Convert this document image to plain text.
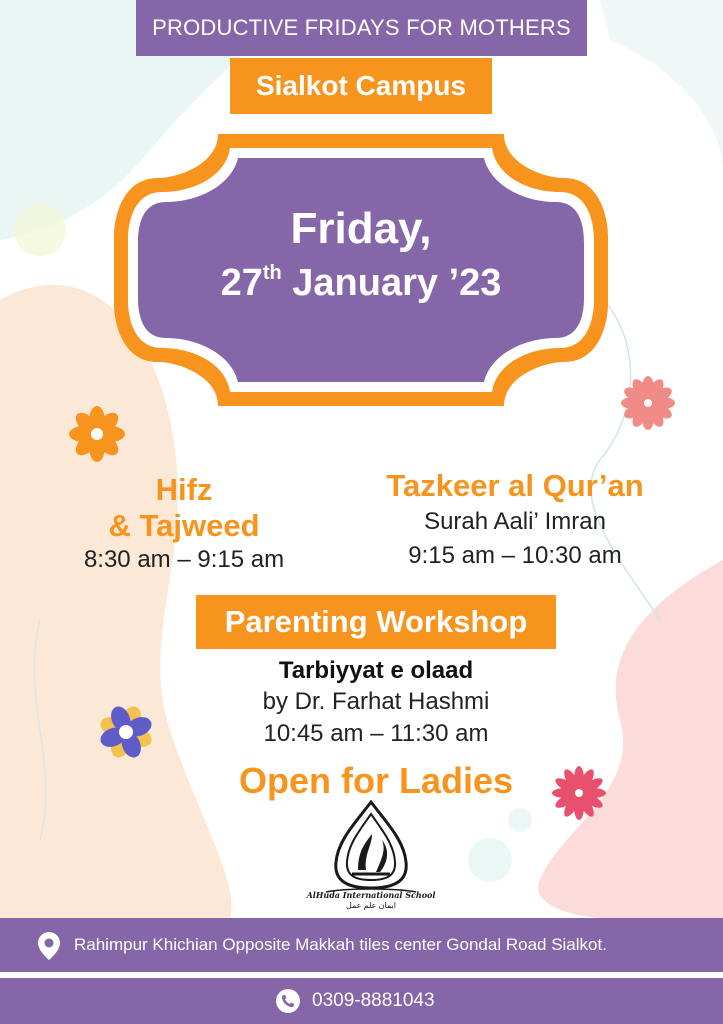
PRODUCTIVE FRIDAYS FOR MOTHERS
Sialkot Campus
Friday,
27th January ’23
Hifz
& Tajweed
8:30 am – 9:15 am
Tazkeer al Qur’an
Surah Aali’ Imran
9:15 am – 10:30 am
Parenting Workshop
Tarbiyyat e olaad
by Dr. Farhat Hashmi
10:45 am – 11:30 am
Open for Ladies
AlHuda International School
ایمان علم عمل
Rahimpur Khichian Opposite Makkah tiles center Gondal Road Sialkot.
0309-8881043
